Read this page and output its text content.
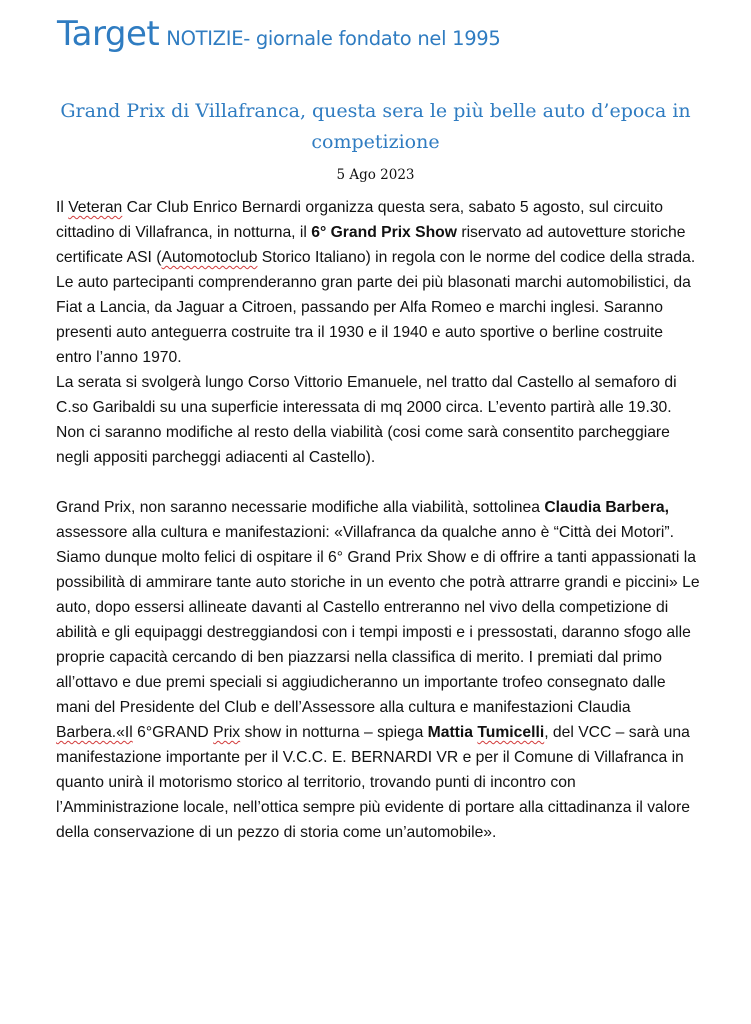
Target NOTIZIE- giornale fondato nel 1995
Grand Prix di Villafranca, questa sera le più belle auto d’epoca in competizione
5 Ago 2023

Il Veteran Car Club Enrico Bernardi organizza questa sera, sabato 5 agosto, sul circuito cittadino di Villafranca, in notturna, il 6° Grand Prix Show riservato ad autovetture storiche certificate ASI (Automotoclub Storico Italiano) in regola con le norme del codice della strada. Le auto partecipanti comprenderanno gran parte dei più blasonati marchi automobilistici, da Fiat a Lancia, da Jaguar a Citroen, passando per Alfa Romeo e marchi inglesi. Saranno presenti auto anteguerra costruite tra il 1930 e il 1940 e auto sportive o berline costruite entro l’anno 1970.

La serata si svolgerà lungo Corso Vittorio Emanuele, nel tratto dal Castello al semaforo di C.so Garibaldi su una superficie interessata di mq 2000 circa. L’evento partirà alle 19.30. Non ci saranno modifiche al resto della viabilità (cosi come sarà consentito parcheggiare negli appositi parcheggi adiacenti al Castello).

Grand Prix, non saranno necessarie modifiche alla viabilità, sottolinea Claudia Barbera, assessore alla cultura e manifestazioni: «Villafranca da qualche anno è “Città dei Motori”. Siamo dunque molto felici di ospitare il 6° Grand Prix Show e di offrire a tanti appassionati la possibilità di ammirare tante auto storiche in un evento che potrà attrarre grandi e piccini» Le auto, dopo essersi allineate davanti al Castello entreranno nel vivo della competizione di abilità e gli equipaggi destreggiandosi con i tempi imposti e i pressostati, daranno sfogo alle proprie capacità cercando di ben piazzarsi nella classifica di merito. I premiati dal primo all’ottavo e due premi speciali si aggiudicheranno un importante trofeo consegnato dalle mani del Presidente del Club e dell’Assessore alla cultura e manifestazioni Claudia Barbera.«Il 6°GRAND Prix show in notturna – spiega Mattia Tumicelli, del VCC – sarà una manifestazione importante per il V.C.C. E. BERNARDI VR e per il Comune di Villafranca in quanto unirà il motorismo storico al territorio, trovando punti di incontro con l’Amministrazione locale, nell’ottica sempre più evidente di portare alla cittadinanza il valore della conservazione di un pezzo di storia come un’automobile».
